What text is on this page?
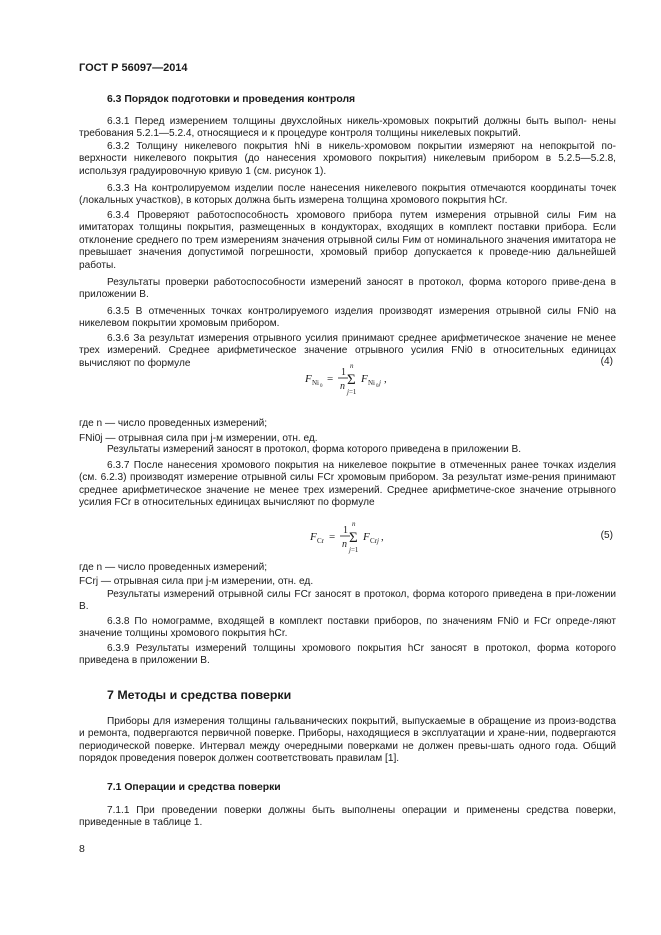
ГОСТ Р 56097—2014
6.3 Порядок подготовки и проведения контроля
6.3.1 Перед измерением толщины двухслойных никель-хромовых покрытий должны быть выпол- нены требования 5.2.1—5.2.4, относящиеся и к процедуре контроля толщины никелевых покрытий.
6.3.2 Толщину никелевого покрытия hNi в никель-хромовом покрытии измеряют на непокрытой по-верхности никелевого покрытия (до нанесения хромового покрытия) никелевым прибором в 5.2.5—5.2.8, используя градуировочную кривую 1 (см. рисунок 1).
6.3.3 На контролируемом изделии после нанесения никелевого покрытия отмечаются координаты точек (локальных участков), в которых должна быть измерена толщина хромового покрытия hCr.
6.3.4 Проверяют работоспособность хромового прибора путем измерения отрывной силы Fим на имитаторах толщины покрытия, размещенных в кондукторах, входящих в комплект поставки прибора. Если отклонение среднего по трем измерениям значения отрывной силы Fим от номинального значения имитатора не превышает значения допустимой погрешности, хромовый прибор допускается к проведе-нию дальнейшей работы.
Результаты проверки работоспособности измерений заносят в протокол, форма которого приве-дена в приложении В.
6.3.5 В отмеченных точках контролируемого изделия производят измерения отрывной силы FNi0 на никелевом покрытии хромовым прибором.
6.3.6 За результат измерения отрывного усилия принимают среднее арифметическое значение не менее трех измерений. Среднее арифметическое значение отрывного усилия FNi0 в относительных единицах вычисляют по формуле
F Ni 0
=
1
n
n
Σ
j=1
F Ni 0 j ,
(4)
где n — число проведенных измерений;
FNi0j — отрывная сила при j-м измерении, отн. ед.
Результаты измерений заносят в протокол, форма которого приведена в приложении В.
6.3.7 После нанесения хромового покрытия на никелевое покрытие в отмеченных ранее точках изделия (см. 6.2.3) производят измерение отрывной силы FCr хромовым прибором. За результат изме-рения принимают среднее арифметическое значение не менее трех измерений. Среднее арифметиче-ское значение отрывного усилия FCr в относительных единицах вычисляют по формуле
F Cr =
1
n
n
Σ
j=1
F Crj ,	(5)
где n — число проведенных измерений;
FCrj — отрывная сила при j-м измерении, отн. ед.
Результаты измерений отрывной силы FCr заносят в протокол, форма которого приведена в при-ложении В.
6.3.8 По номограмме, входящей в комплект поставки приборов, по значениям FNi0 и FCr опреде-ляют значение толщины хромового покрытия hCr.
6.3.9 Результаты измерений толщины хромового покрытия hCr заносят в протокол, форма которого приведена в приложении В.
7 Методы и средства поверки
Приборы для измерения толщины гальванических покрытий, выпускаемые в обращение из произ-водства и ремонта, подвергаются первичной поверке. Приборы, находящиеся в эксплуатации и хране-нии, подвергаются периодической поверке. Интервал между очередными поверками не должен превы-шать одного года. Общий порядок проведения поверок должен соответствовать правилам [1].
7.1 Операции и средства поверки
7.1.1 При проведении поверки должны быть выполнены операции и применены средства поверки, приведенные в таблице 1.
8
